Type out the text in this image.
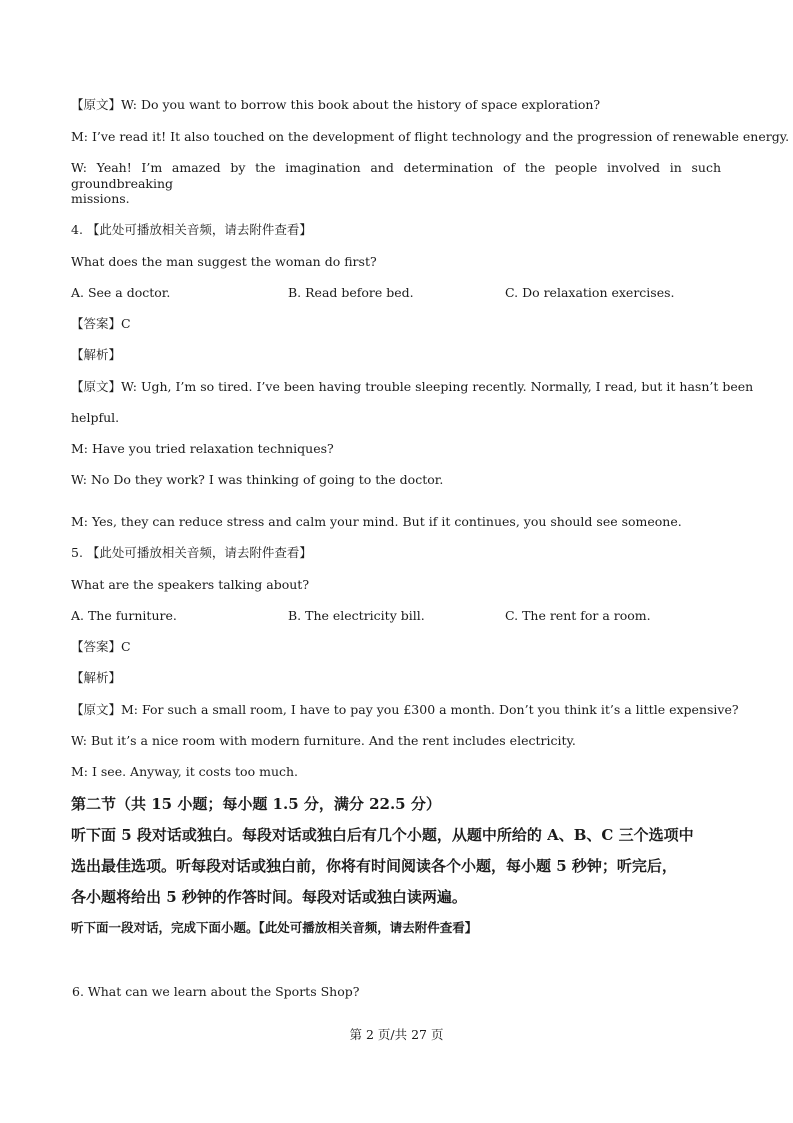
【原文】W: Do you want to borrow this book about the history of space exploration?
M: I’ve read it! It also touched on the development of flight technology and the progression of renewable energy.
W: Yeah! I’m amazed by the imagination and determination of the people involved in such groundbreaking
missions.
4. 【此处可播放相关音频，请去附件查看】
What does the man suggest the woman do first?
A. See a doctor.	B. Read before bed.	C. Do relaxation exercises.
【答案】C
【解析】
【原文】W: Ugh, I’m so tired. I’ve been having trouble sleeping recently. Normally, I read, but it hasn’t been
helpful.
M: Have you tried relaxation techniques?
W: No Do they work? I was thinking of going to the doctor.
M: Yes, they can reduce stress and calm your mind. But if it continues, you should see someone.
5. 【此处可播放相关音频，请去附件查看】
What are the speakers talking about?
A. The furniture.	B. The electricity bill.	C. The rent for a room.
【答案】C
【解析】
【原文】M: For such a small room, I have to pay you £300 a month. Don’t you think it’s a little expensive?
W: But it’s a nice room with modern furniture. And the rent includes electricity.
M: I see. Anyway, it costs too much.
第二节（共 15 小题；每小题 1.5 分，满分 22.5 分）
听下面 5 段对话或独白。每段对话或独白后有几个小题，从题中所给的 A、B、C 三个选项中
选出最佳选项。听每段对话或独白前，你将有时间阅读各个小题，每小题 5 秒钟；听完后，
各小题将给出 5 秒钟的作答时间。每段对话或独白读两遍。
听下面一段对话，完成下面小题。【此处可播放相关音频，请去附件查看】
6. What can we learn about the Sports Shop?
第 2 页/共 27 页
